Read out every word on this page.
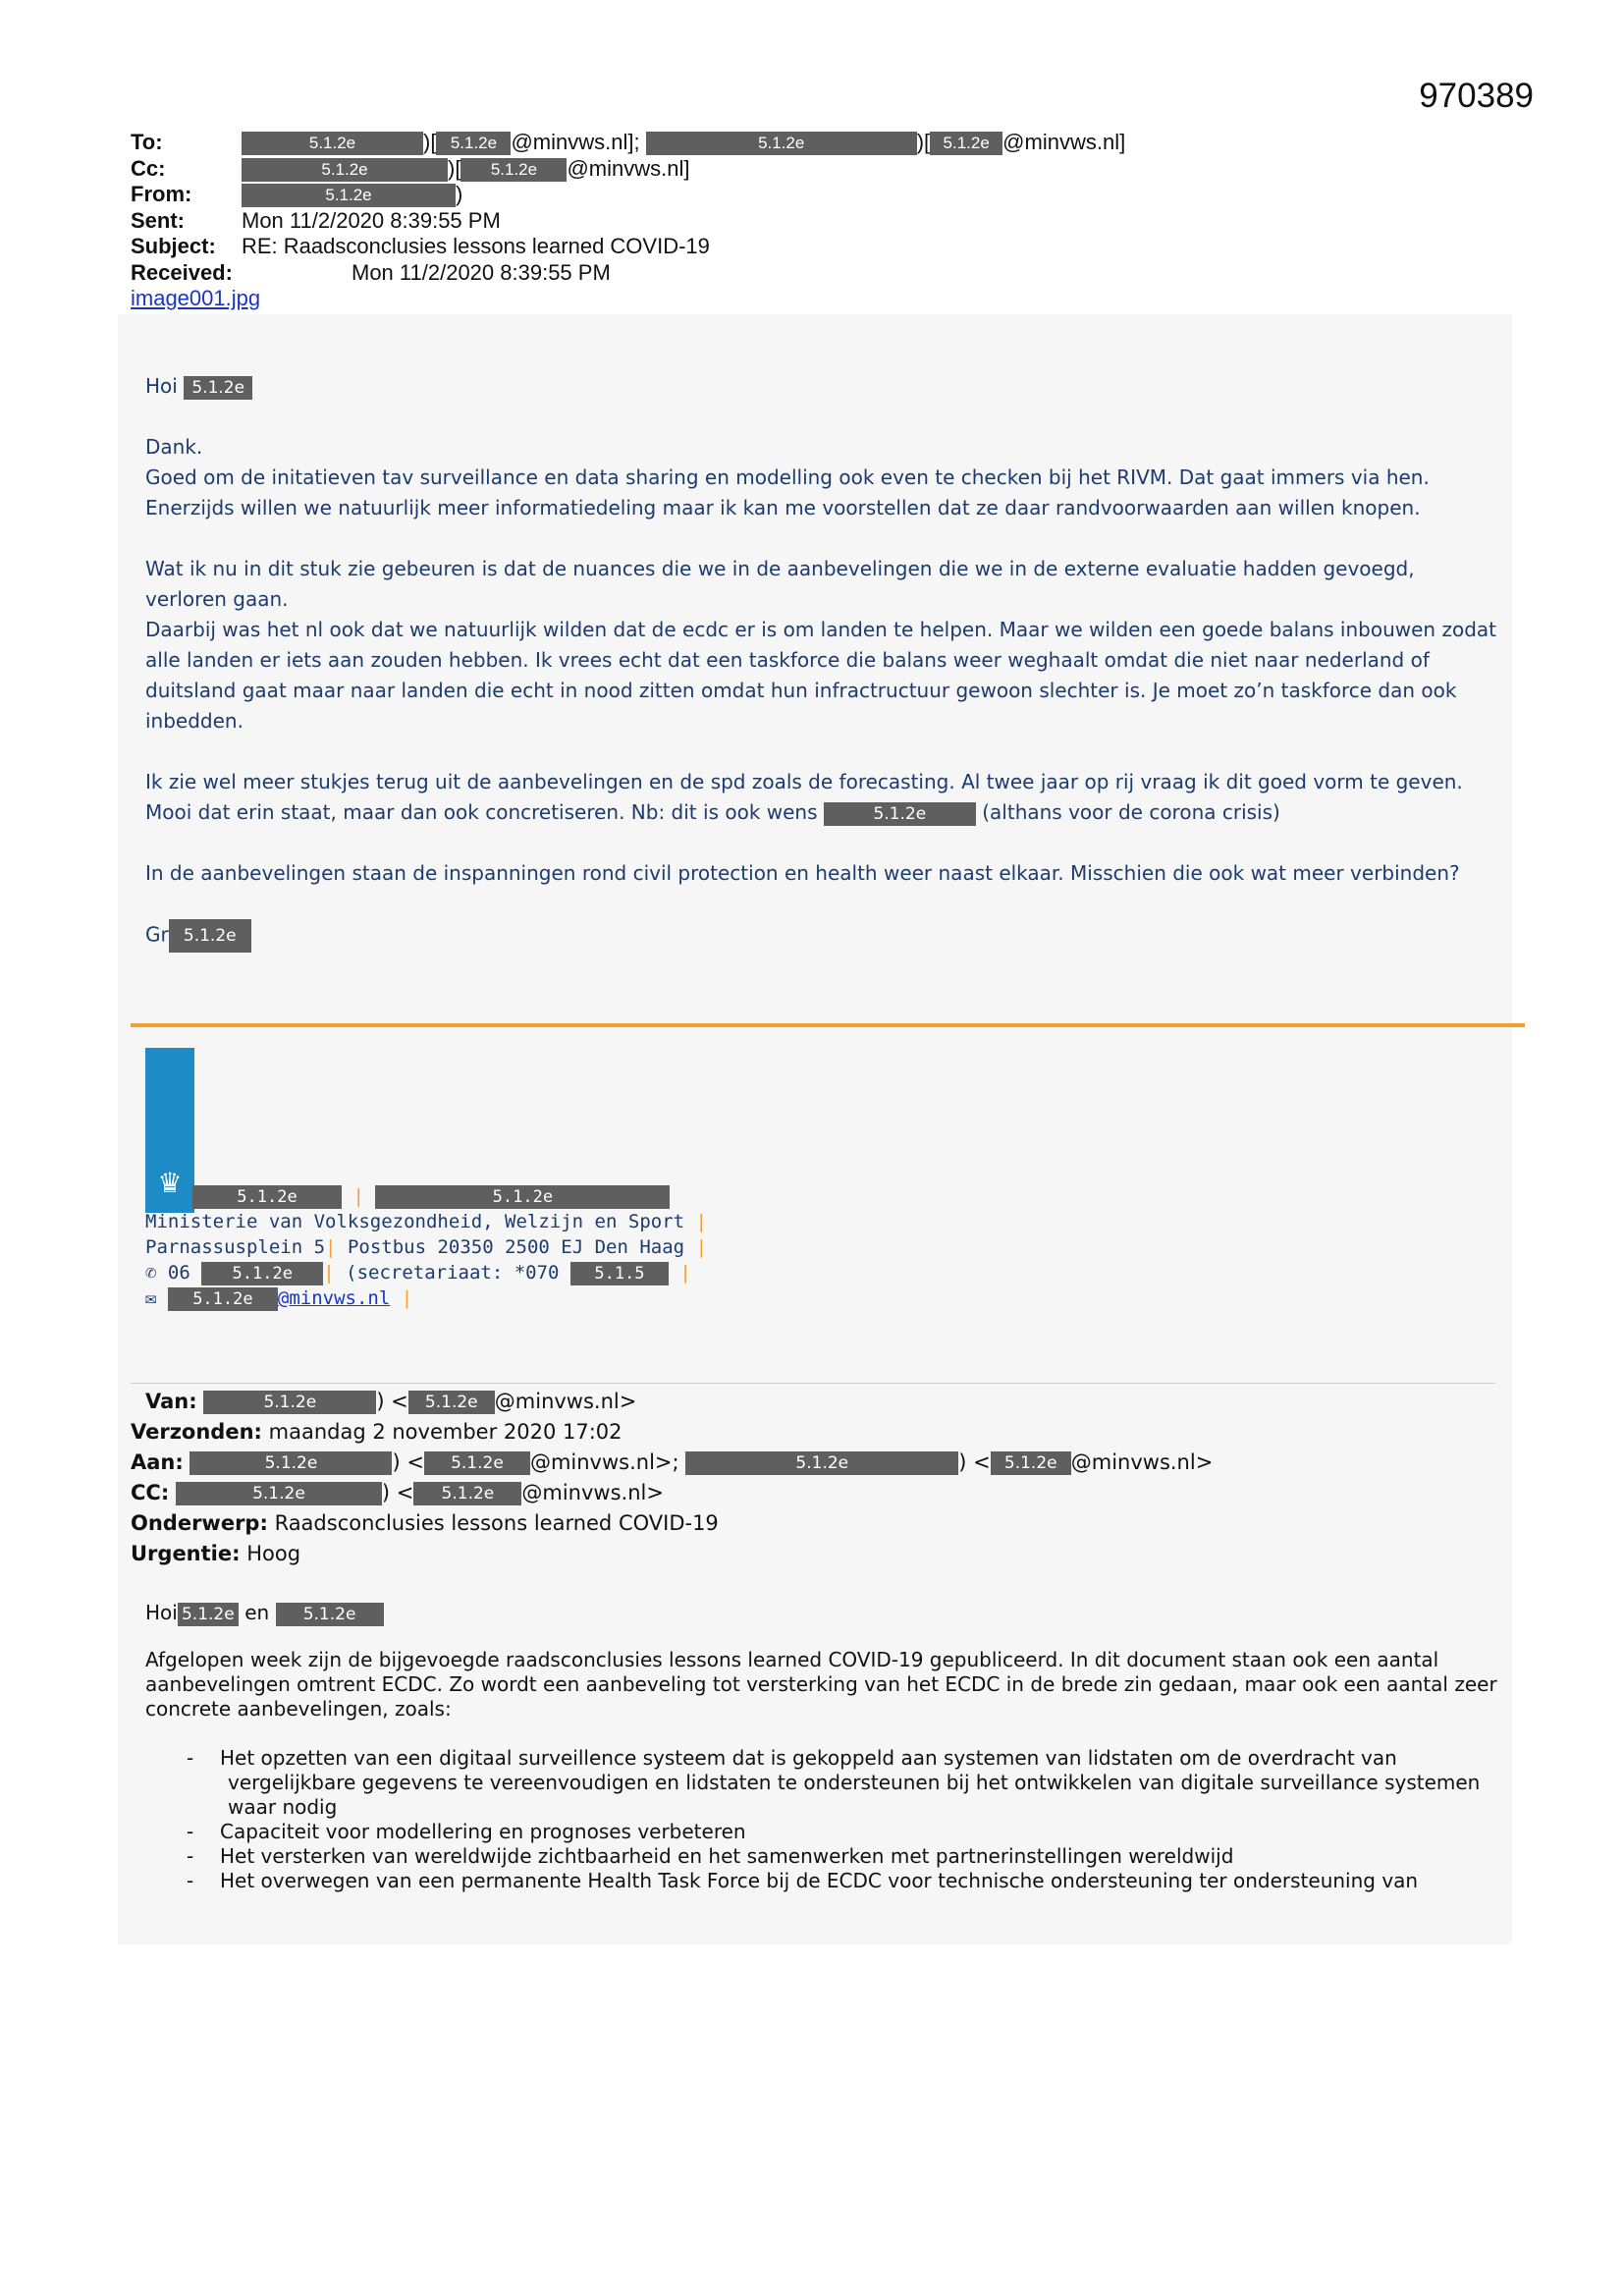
970389
To:	5.1.2e	)[ 5.1.2e @minvws.nl];	5.1.2e	)[ 5.1.2e @minvws.nl]
Cc:	5.1.2e	)[ 5.1.2e @minvws.nl]
From:	5.1.2e	)
Sent:	Mon 11/2/2020 8:39:55 PM
Subject: RE: Raadsconclusies lessons learned COVID-19
Received:	Mon 11/2/2020 8:39:55 PM
image001.jpg
Hoi 5.1.2e

Dank.

Goed om de initatieven tav surveillance en data sharing en modelling ook even te checken bij het RIVM. Dat gaat immers via hen. Enerzijds willen we natuurlijk meer informatiedeling maar ik kan me voorstellen dat ze daar randvoorwaarden aan willen knopen.

Wat ik nu in dit stuk zie gebeuren is dat de nuances die we in de aanbevelingen die we in de externe evaluatie hadden gevoegd, verloren gaan.

Daarbij was het nl ook dat we natuurlijk wilden dat de ecdc er is om landen te helpen. Maar we wilden een goede balans inbouwen zodat alle landen er iets aan zouden hebben. Ik vrees echt dat een taskforce die balans weer weghaalt omdat die niet naar nederland of duitsland gaat maar naar landen die echt in nood zitten omdat hun infractructuur gewoon slechter is. Je moet zo’n taskforce dan ook inbedden.

Ik zie wel meer stukjes terug uit de aanbevelingen en de spd zoals de forecasting. Al twee jaar op rij vraag ik dit goed vorm te geven. Mooi dat erin staat, maar dan ook concretiseren. Nb: dit is ook wens	5.1.2e	(althans voor de corona crisis)

In de aanbevelingen staan de inspanningen rond civil protection en health weer naast elkaar. Misschien die ook wat meer verbinden?

Gr 5.1.2e
♛	5.1.2e	|	5.1.2e
Ministerie van Volksgezondheid, Welzijn en Sport |
Parnassusplein 5| Postbus 20350 2500 EJ Den Haag |
✆ 06	5.1.2e | (secretariaat: *070 5.1.5 |
✉ 5.1.2e @minvws.nl |
Van:	5.1.2e	) < 5.1.2e @minvws.nl>
Verzonden: maandag 2 november 2020 17:02
Aan:	5.1.2e	) < 5.1.2e @minvws.nl>;	5.1.2e	) < 5.1.2e @minvws.nl>
CC:	5.1.2e	) < 5.1.2e @minvws.nl>
Onderwerp: Raadsconclusies lessons learned COVID-19
Urgentie: Hoog
Hoi 5.1.2e en 5.1.2e

Afgelopen week zijn de bijgevoegde raadsconclusies lessons learned COVID-19 gepubliceerd. In dit document staan ook een aantal aanbevelingen omtrent ECDC. Zo wordt een aanbeveling tot versterking van het ECDC in de brede zin gedaan, maar ook een aantal zeer concrete aanbevelingen, zoals:

- Het opzetten van een digitaal surveillence systeem dat is gekoppeld aan systemen van lidstaten om de overdracht van
vergelijkbare gegevens te vereenvoudigen en lidstaten te ondersteunen bij het ontwikkelen van digitale surveillance systemen waar nodig
- Capaciteit voor modellering en prognoses verbeteren
- Het versterken van wereldwijde zichtbaarheid en het samenwerken met partnerinstellingen wereldwijd
- Het overwegen van een permanente Health Task Force bij de ECDC voor technische ondersteuning ter ondersteuning van
